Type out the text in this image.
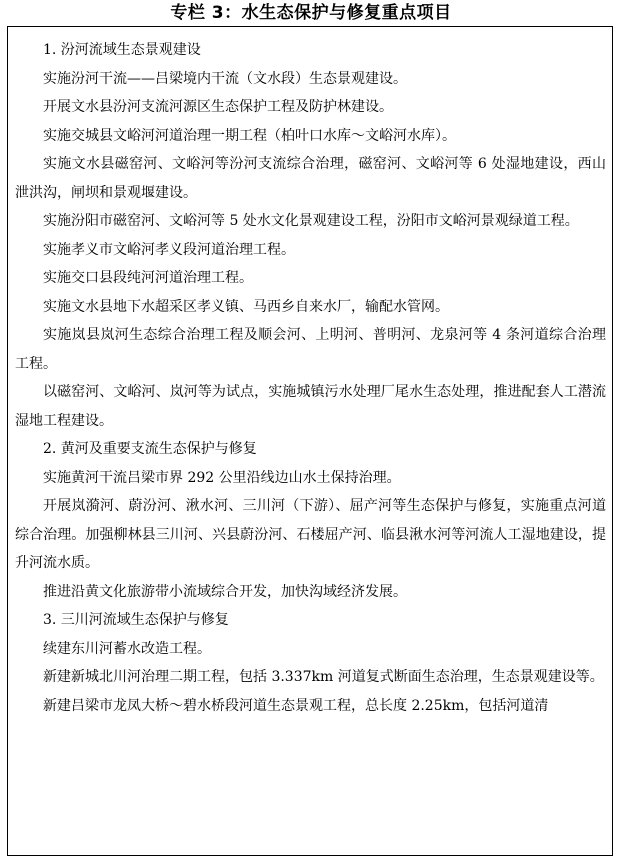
专栏 3：水生态保护与修复重点项目

1. 汾河流域生态景观建设

实施汾河干流——吕梁境内干流（文水段）生态景观建设。

开展文水县汾河支流河源区生态保护工程及防护林建设。

实施交城县文峪河河道治理一期工程（柏叶口水库～文峪河水库）。

实施文水县磁窑河、文峪河等汾河支流综合治理，磁窑河、文峪河等 6 处湿地建设，西山泄洪沟，闸坝和景观堰建设。

实施汾阳市磁窑河、文峪河等 5 处水文化景观建设工程，汾阳市文峪河景观绿道工程。

实施孝义市文峪河孝义段河道治理工程。

实施交口县段纯河河道治理工程。

实施文水县地下水超采区孝义镇、马西乡自来水厂，输配水管网。

实施岚县岚河生态综合治理工程及顺会河、上明河、普明河、龙泉河等 4 条河道综合治理工程。

以磁窑河、文峪河、岚河等为试点，实施城镇污水处理厂尾水生态处理，推进配套人工潜流湿地工程建设。

2. 黄河及重要支流生态保护与修复

实施黄河干流吕梁市界 292 公里沿线边山水土保持治理。

开展岚漪河、蔚汾河、湫水河、三川河（下游）、屈产河等生态保护与修复，实施重点河道综合治理。加强柳林县三川河、兴县蔚汾河、石楼屈产河、临县湫水河等河流人工湿地建设，提升河流水质。

推进沿黄文化旅游带小流域综合开发，加快沟域经济发展。

3. 三川河流域生态保护与修复

续建东川河蓄水改造工程。

新建新城北川河治理二期工程，包括 3.337km 河道复式断面生态治理，生态景观建设等。

新建吕梁市龙凤大桥～碧水桥段河道生态景观工程，总长度 2.25km，包括河道清
